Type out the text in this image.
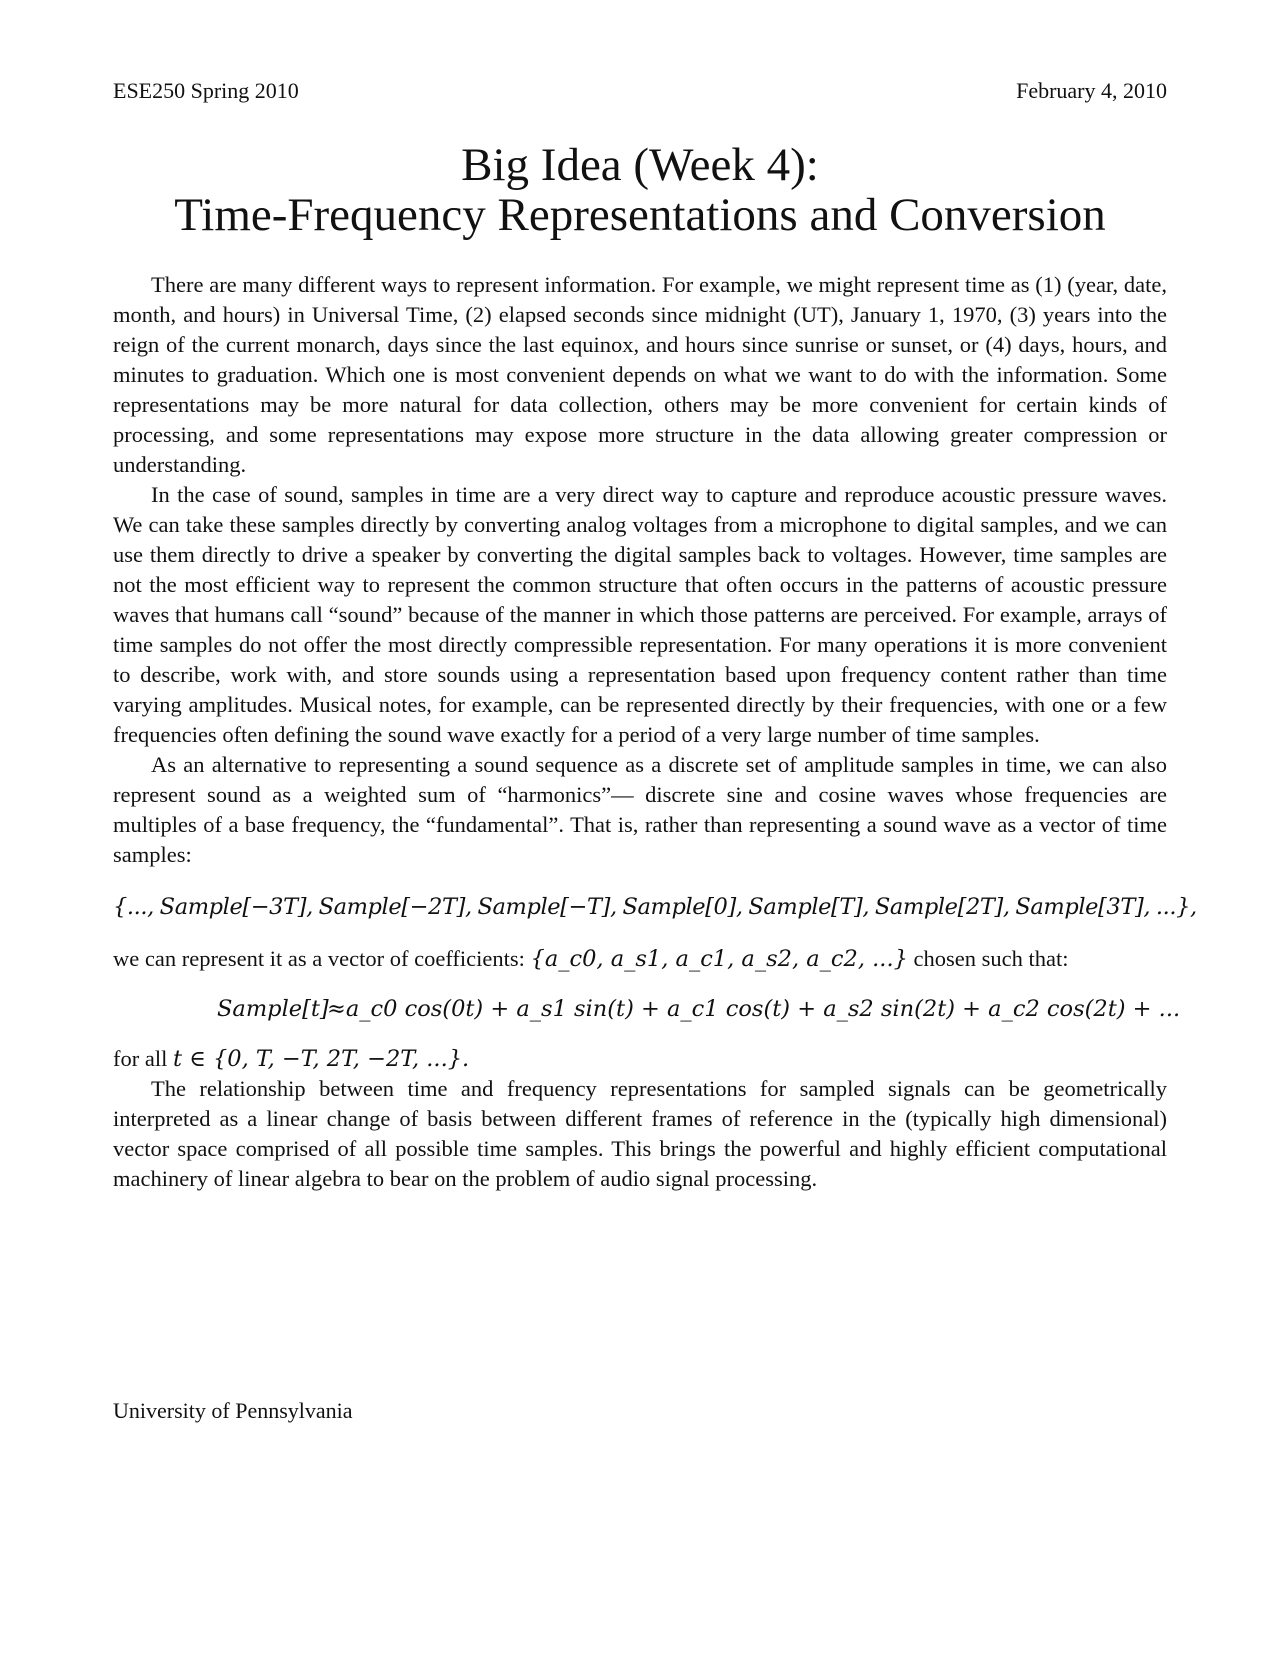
ESE250 Spring 2010	February 4, 2010
Big Idea (Week 4):
Time-Frequency Representations and Conversion

There are many different ways to represent information. For example, we might represent time as (1) (year, date, month, and hours) in Universal Time, (2) elapsed seconds since midnight (UT), January 1, 1970, (3) years into the reign of the current monarch, days since the last equinox, and hours since sunrise or sunset, or (4) days, hours, and minutes to graduation. Which one is most convenient depends on what we want to do with the information. Some representations may be more natural for data collection, others may be more convenient for certain kinds of processing, and some representations may expose more structure in the data allowing greater compression or understanding.

In the case of sound, samples in time are a very direct way to capture and reproduce acoustic pressure waves. We can take these samples directly by converting analog voltages from a microphone to digital samples, and we can use them directly to drive a speaker by converting the digital samples back to voltages. However, time samples are not the most efficient way to represent the common structure that often occurs in the patterns of acoustic pressure waves that humans call “sound” because of the manner in which those patterns are perceived. For example, arrays of time samples do not offer the most directly compressible representation. For many operations it is more convenient to describe, work with, and store sounds using a representation based upon frequency content rather than time varying amplitudes. Musical notes, for example, can be represented directly by their frequencies, with one or a few frequencies often defining the sound wave exactly for a period of a very large number of time samples.

As an alternative to representing a sound sequence as a discrete set of amplitude samples in time, we can also represent sound as a weighted sum of “harmonics”— discrete sine and cosine waves whose frequencies are multiples of a base frequency, the “fundamental”. That is, rather than representing a sound wave as a vector of time samples:

{..., Sample[−3T], Sample[−2T], Sample[−T], Sample[0], Sample[T], Sample[2T], Sample[3T], ...},

we can represent it as a vector of coefficients: {a_c0, a_s1, a_c1, a_s2, a_c2, ...} chosen such that:

Sample[t]
≈ a_c0 cos(0t) + a_s1 sin(t) + a_c1 cos(t) + a_s2 sin(2t) + a_c2 cos(2t) + ...

for all t ∈ {0, T, −T, 2T, −2T, ...}.

The relationship between time and frequency representations for sampled signals can be geometrically interpreted as a linear change of basis between different frames of reference in the (typically high dimensional) vector space comprised of all possible time samples. This brings the powerful and highly efficient computational machinery of linear algebra to bear on the problem of audio signal processing.

University of Pennsylvania
